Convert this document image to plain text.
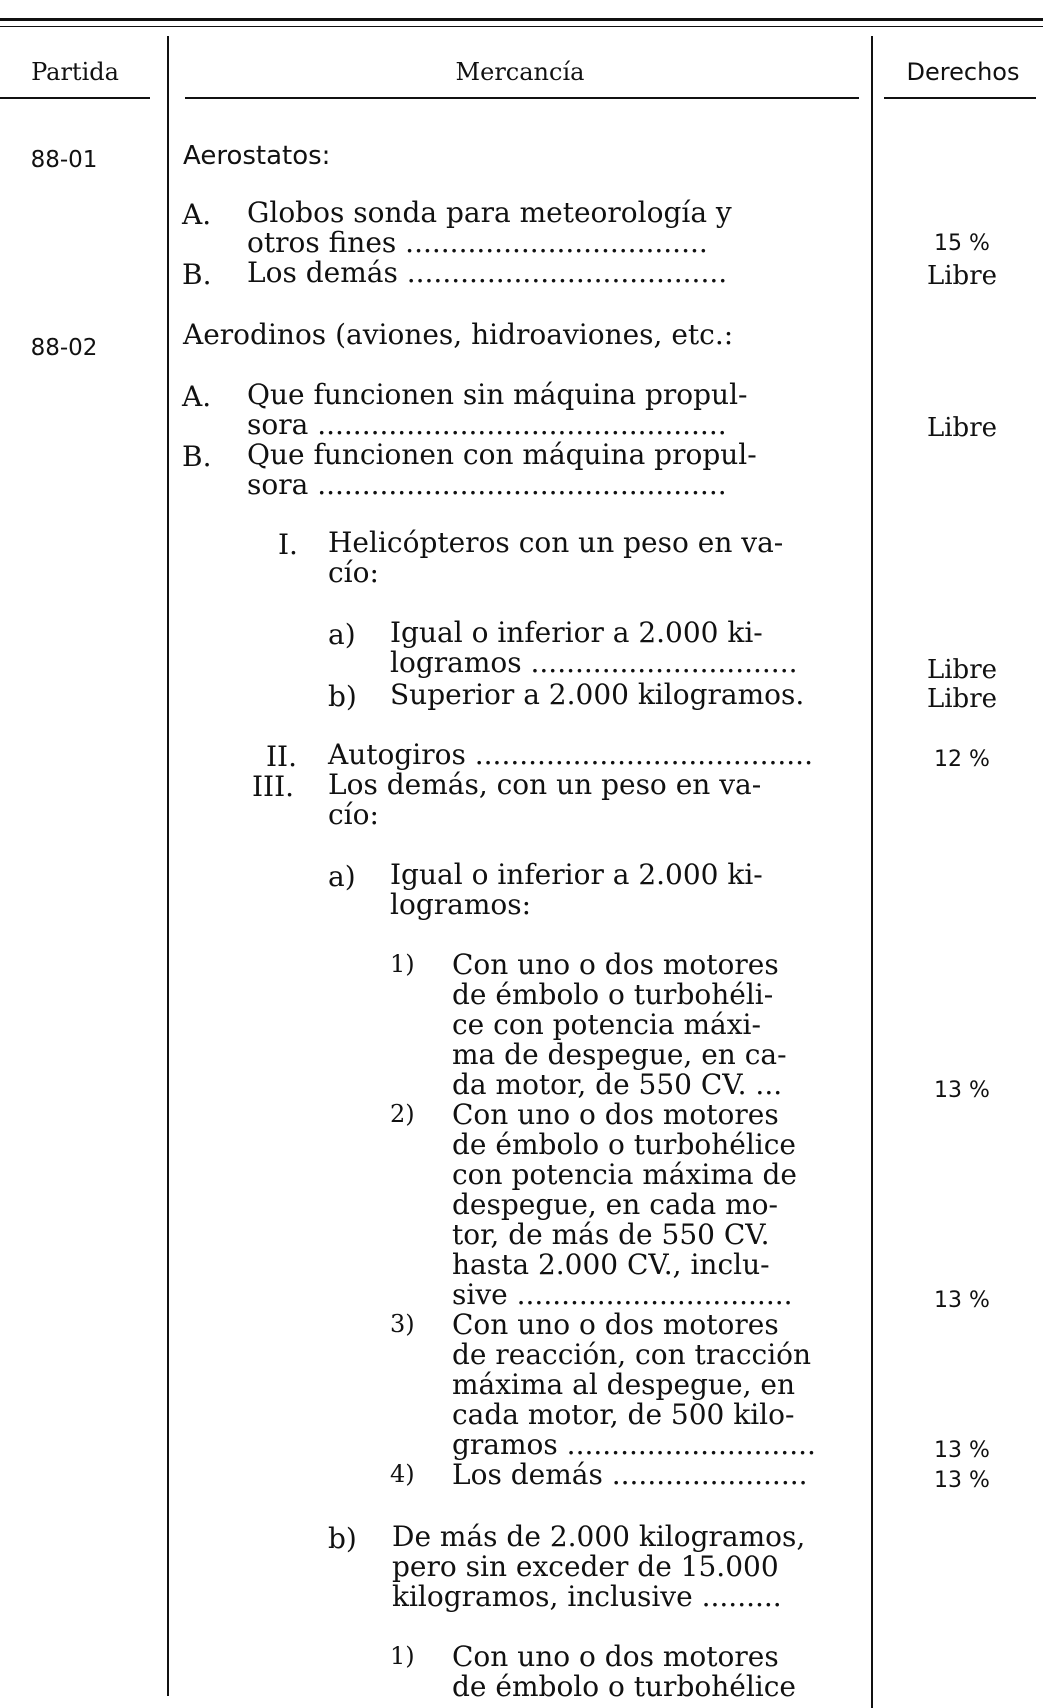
Partida	Mercancía	Derechos
88-01	Aerostatos:
A. Globos sonda para meteorología y
otros fines ..................................	15 %
B. Los demás ....................................	Libre
88-02	Aerodinos (aviones, hidroaviones, etc.:
A. Que funcionen sin máquina propul-
sora ..............................................	Libre
B. Que funcionen con máquina propul-
sora ..............................................
I. Helicópteros con un peso en va-
cío:
a) Igual o inferior a 2.000 ki-
logramos ..............................	Libre
b) Superior a 2.000 kilogramos.	Libre
II. Autogiros ......................................	12 %
III. Los demás, con un peso en va-
cío:
a) Igual o inferior a 2.000 ki-
logramos:
1) Con uno o dos motores
de émbolo o turbohéli-
ce con potencia máxi-
ma de despegue, en ca-
da motor, de 550 CV. ...	13 %
2) Con uno o dos motores
de émbolo o turbohélice
con potencia máxima de
despegue, en cada mo-
tor, de más de 550 CV.
hasta 2.000 CV., inclu-
sive ...............................	13 %
3) Con uno o dos motores
de reacción, con tracción
máxima al despegue, en
cada motor, de 500 kilo-
gramos ............................	13 %
4) Los demás ......................	13 %
b) De más de 2.000 kilogramos,
pero sin exceder de 15.000
kilogramos, inclusive .........
1) Con uno o dos motores
de émbolo o turbohélice
